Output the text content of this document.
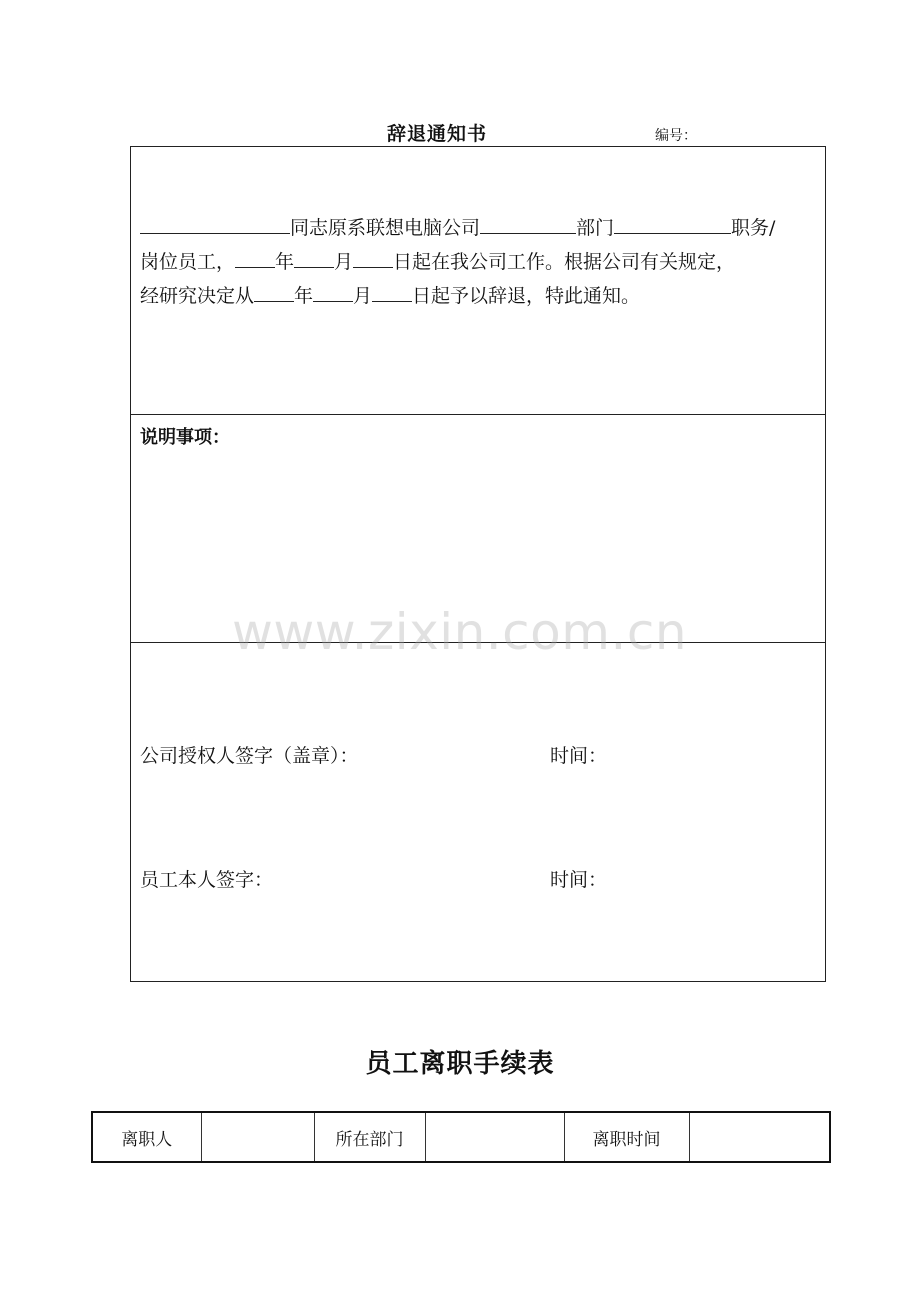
辞退通知书	编号：

同志原系联想电脑公司	部门	职务/
岗位员工， 年 月 日起在我公司工作。根据公司有关规定，
经研究决定从 年 月 日起予以辞退，特此通知。

说明事项：
公司授权人签字（盖章）：	时间：
员工本人签字：	时间：
www.zixin.com.cn
员工离职手续表
离职人		所在部门		离职时间	
